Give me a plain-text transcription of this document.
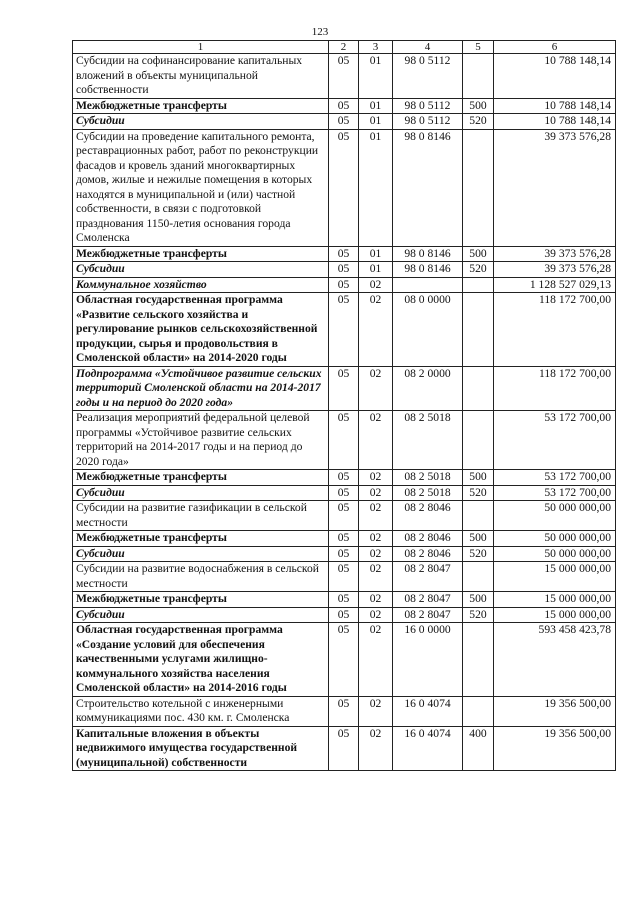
123
1	2	3	4	5	6
Субсидии на софинансирование капитальных вложений в объекты муниципальной собственности	05	01	98 0 5112		10 788 148,14
Межбюджетные трансферты	05	01	98 0 5112	500	10 788 148,14
Субсидии	05	01	98 0 5112	520	10 788 148,14
Субсидии на проведение капитального ремонта, реставрационных работ, работ по реконструкции фасадов и кровель зданий многоквартирных домов, жилые и нежилые помещения в которых находятся в муниципальной и (или) частной собственности, в связи с подготовкой празднования 1150-летия основания города Смоленска	05	01	98 0 8146		39 373 576,28
Межбюджетные трансферты	05	01	98 0 8146	500	39 373 576,28
Субсидии	05	01	98 0 8146	520	39 373 576,28
Коммунальное хозяйство	05	02			1 128 527 029,13
Областная государственная программа «Развитие сельского хозяйства и регулирование рынков сельскохозяйственной продукции, сырья и продовольствия в Смоленской области» на 2014-2020 годы	05	02	08 0 0000		118 172 700,00
Подпрограмма «Устойчивое развитие сельских территорий Смоленской области на 2014-2017 годы и на период до 2020 года»	05	02	08 2 0000		118 172 700,00
Реализация мероприятий федеральной целевой программы «Устойчивое развитие сельских территорий на 2014-2017 годы и на период до 2020 года»	05	02	08 2 5018		53 172 700,00
Межбюджетные трансферты	05	02	08 2 5018	500	53 172 700,00
Субсидии	05	02	08 2 5018	520	53 172 700,00
Субсидии на развитие газификации в сельской местности	05	02	08 2 8046		50 000 000,00
Межбюджетные трансферты	05	02	08 2 8046	500	50 000 000,00
Субсидии	05	02	08 2 8046	520	50 000 000,00
Субсидии на развитие водоснабжения в сельской местности	05	02	08 2 8047		15 000 000,00
Межбюджетные трансферты	05	02	08 2 8047	500	15 000 000,00
Субсидии	05	02	08 2 8047	520	15 000 000,00
Областная государственная программа «Создание условий для обеспечения качественными услугами жилищно-коммунального хозяйства населения Смоленской области» на 2014-2016 годы	05	02	16 0 0000		593 458 423,78
Строительство котельной с инженерными коммуникациями пос. 430 км. г. Смоленска	05	02	16 0 4074		19 356 500,00
Капитальные вложения в объекты недвижимого имущества государственной (муниципальной) собственности	05	02	16 0 4074	400	19 356 500,00
